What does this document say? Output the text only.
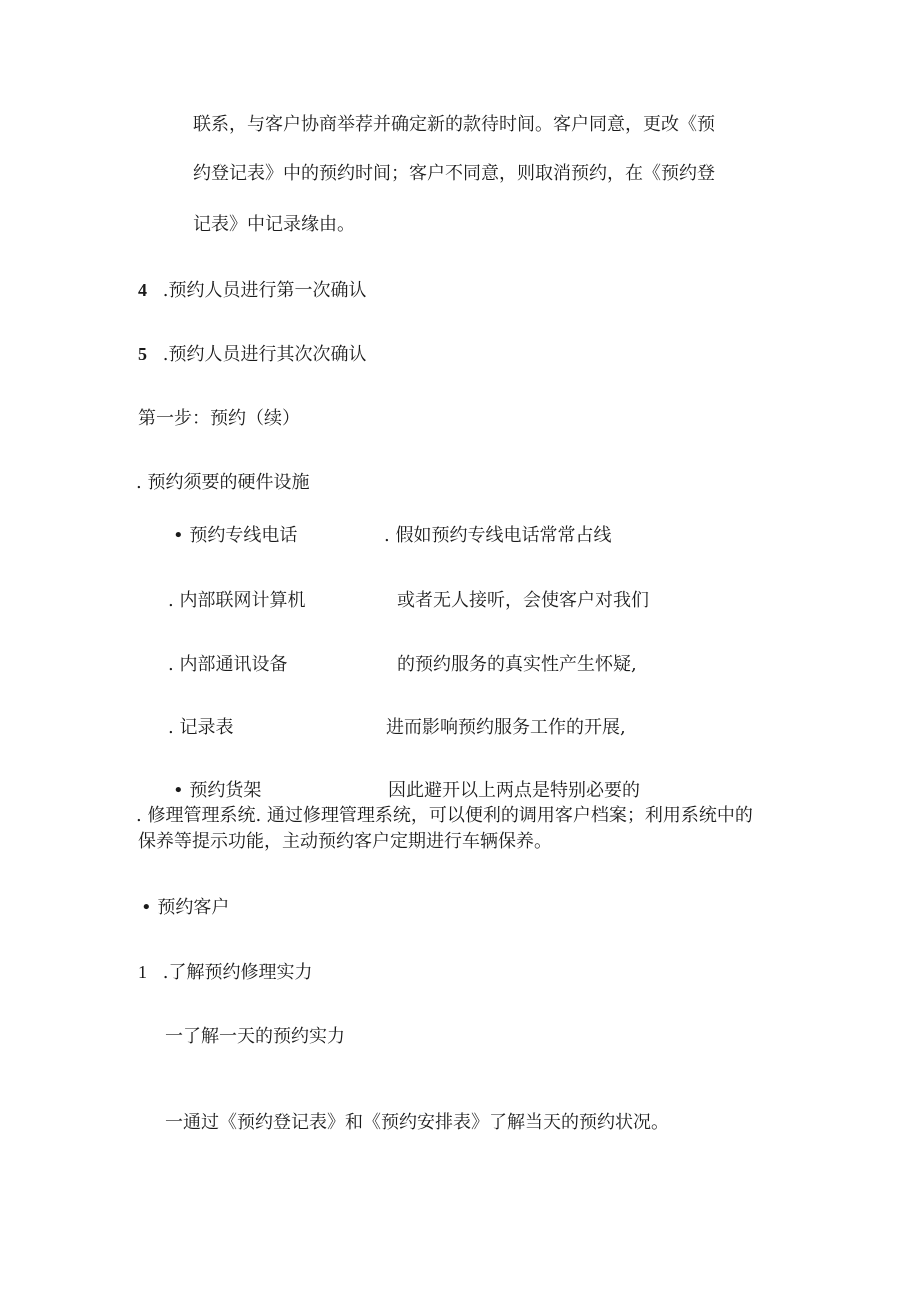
联系，与客户协商举荐并确定新的款待时间。客户同意，更改《预
约登记表》中的预约时间；客户不同意，则取消预约，在《预约登
记表》中记录缘由。
4 .预约人员进行第一次确认
5 .预约人员进行其次次确认
第一步：预约（续）
. 预约须要的硬件设施
• 预约专线电话
. 内部联网计算机
. 内部通讯设备
. 记录表
• 预约货架
. 假如预约专线电话常常占线
或者无人接听，会使客户对我们
的预约服务的真实性产生怀疑,
进而影响预约服务工作的开展,
因此避开以上两点是特别必要的
. 修理管理系统. 通过修理管理系统，可以便利的调用客户档案；利用系统中的
保养等提示功能，主动预约客户定期进行车辆保养。
• 预约客户
1 .了解预约修理实力
一了解一天的预约实力
一通过《预约登记表》和《预约安排表》了解当天的预约状况。
